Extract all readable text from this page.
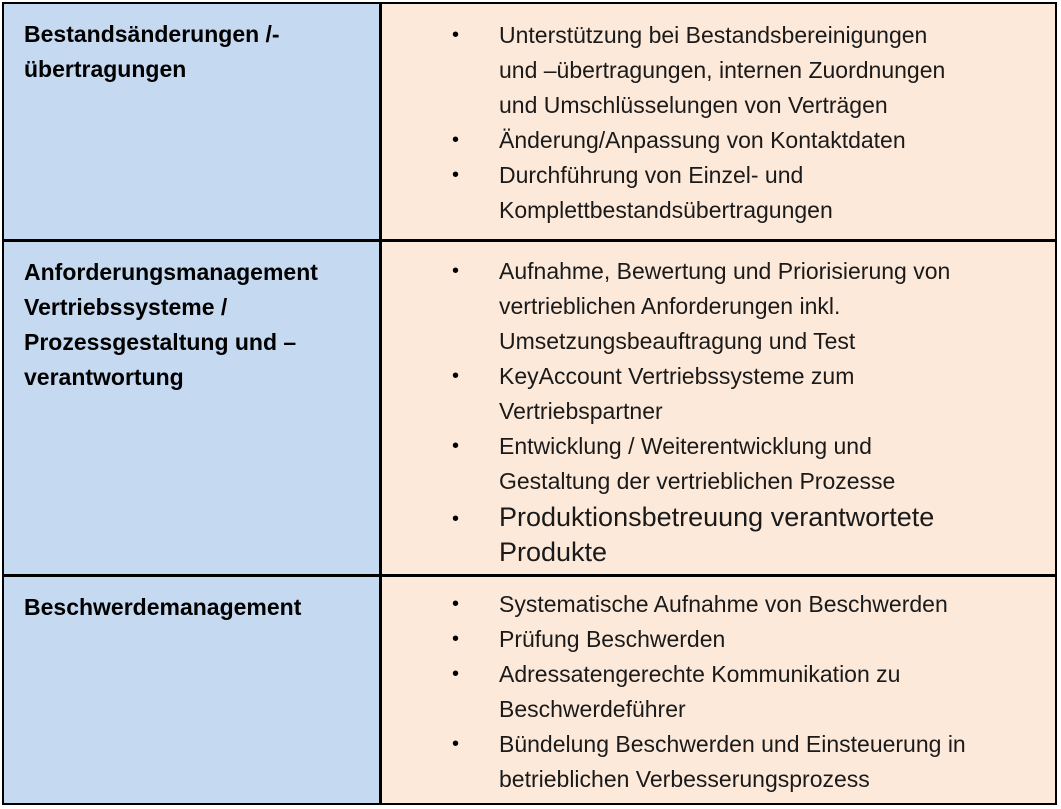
Bestandsänderungen /-
übertragungen
• Unterstützung bei Bestandsbereinigungen
und –übertragungen, internen Zuordnungen
und Umschlüsselungen von Verträgen
• Änderung/Anpassung von Kontaktdaten
• Durchführung von Einzel- und
Komplettbestandsübertragungen
Anforderungsmanagement
Vertriebssysteme /
Prozessgestaltung und –
verantwortung
• Aufnahme, Bewertung und Priorisierung von
vertrieblichen Anforderungen inkl.
Umsetzungsbeauftragung und Test
• KeyAccount Vertriebssysteme zum
Vertriebspartner
• Entwicklung / Weiterentwicklung und
Gestaltung der vertrieblichen Prozesse
• Produktionsbetreuung verantwortete
Produkte
Beschwerdemanagement	• Systematische Aufnahme von Beschwerden
• Prüfung Beschwerden
• Adressatengerechte Kommunikation zu
Beschwerdeführer
• Bündelung Beschwerden und Einsteuerung in
betrieblichen Verbesserungsprozess
